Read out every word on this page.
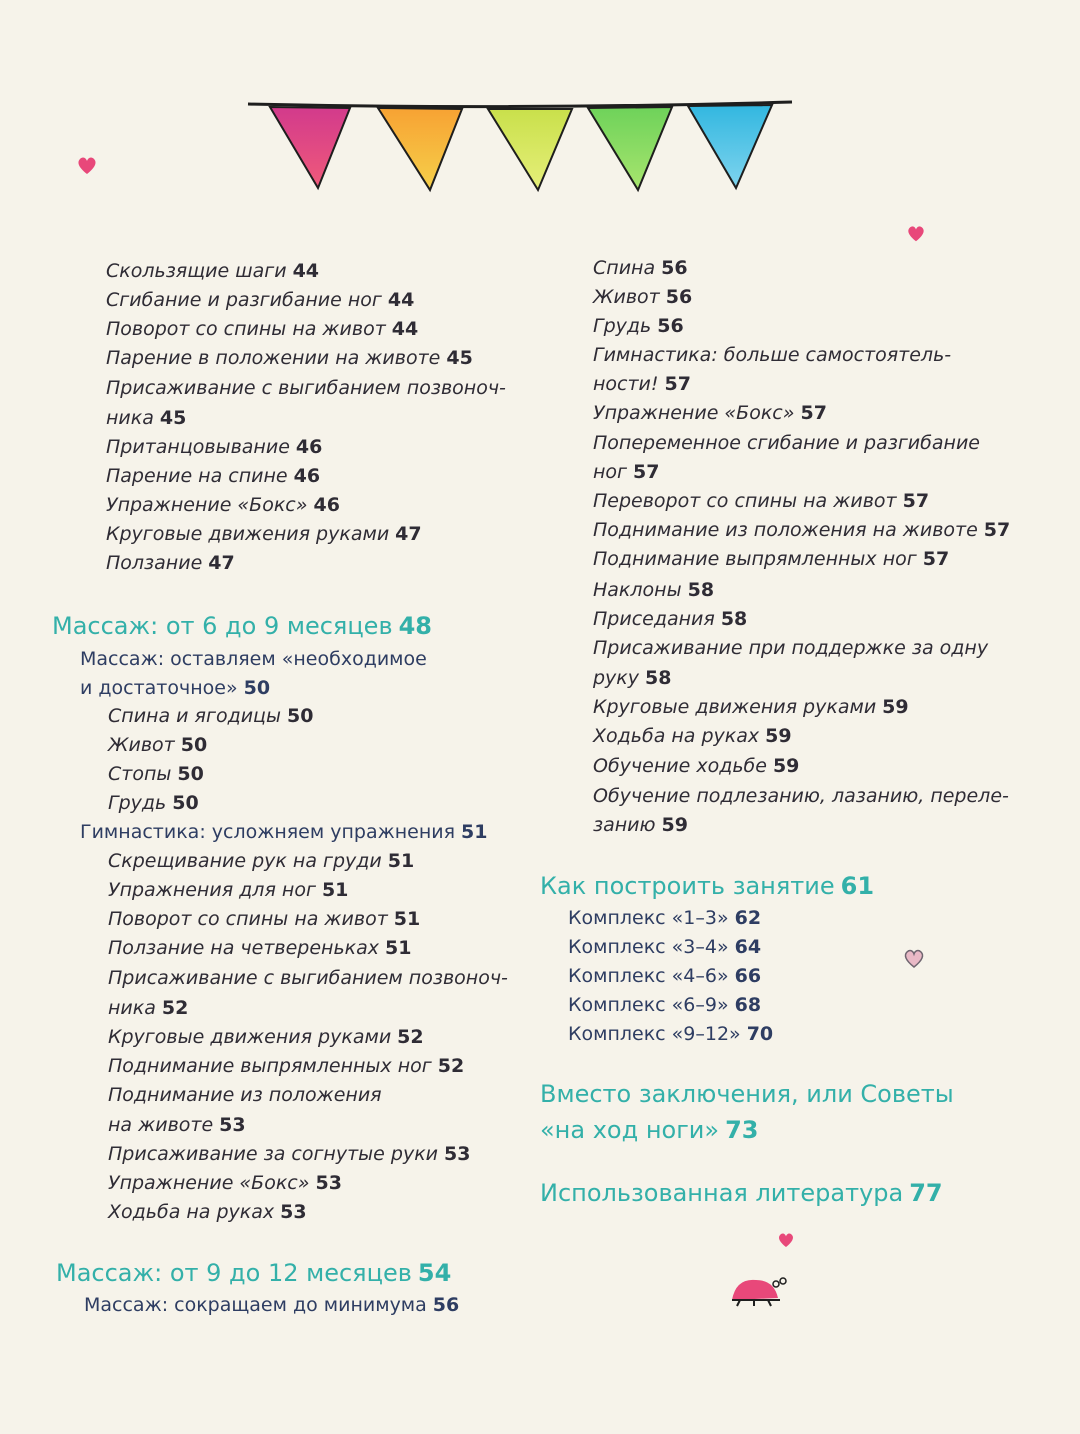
Скользящие шаги 44
Сгибание и разгибание ног 44
Поворот со спины на живот 44
Парение в положении на животе 45
Присаживание с выгибанием позвоноч-
ника 45
Пританцовывание 46
Парение на спине 46
Упражнение «Бокс» 46
Круговые движения руками 47
Ползание 47
Массаж: от 6 до 9 месяцев 48
Массаж: оставляем «необходимое
и достаточное» 50
Спина и ягодицы 50
Живот 50
Стопы 50
Грудь 50
Гимнастика: усложняем упражнения 51
Скрещивание рук на груди 51
Упражнения для ног 51
Поворот со спины на живот 51
Ползание на четвереньках 51
Присаживание с выгибанием позвоноч-
ника 52
Круговые движения руками 52
Поднимание выпрямленных ног 52
Поднимание из положения
на животе 53
Присаживание за согнутые руки 53
Упражнение «Бокс» 53
Ходьба на руках 53
Массаж: от 9 до 12 месяцев 54
Массаж: сокращаем до минимума 56
Спина 56
Живот 56
Грудь 56
Гимнастика: больше самостоятель-
ности! 57
Упражнение «Бокс» 57
Попеременное сгибание и разгибание
ног 57
Переворот со спины на живот 57
Поднимание из положения на животе 57
Поднимание выпрямленных ног 57
Наклоны 58
Приседания 58
Присаживание при поддержке за одну
руку 58
Круговые движения руками 59
Ходьба на руках 59
Обучение ходьбе 59
Обучение подлезанию, лазанию, переле-
занию 59
Как построить занятие 61
Комплекс «1–3» 62
Комплекс «3–4» 64
Комплекс «4–6» 66
Комплекс «6–9» 68
Комплекс «9–12» 70
Вместо заключения, или Советы
«на ход ноги» 73
Использованная литература 77
